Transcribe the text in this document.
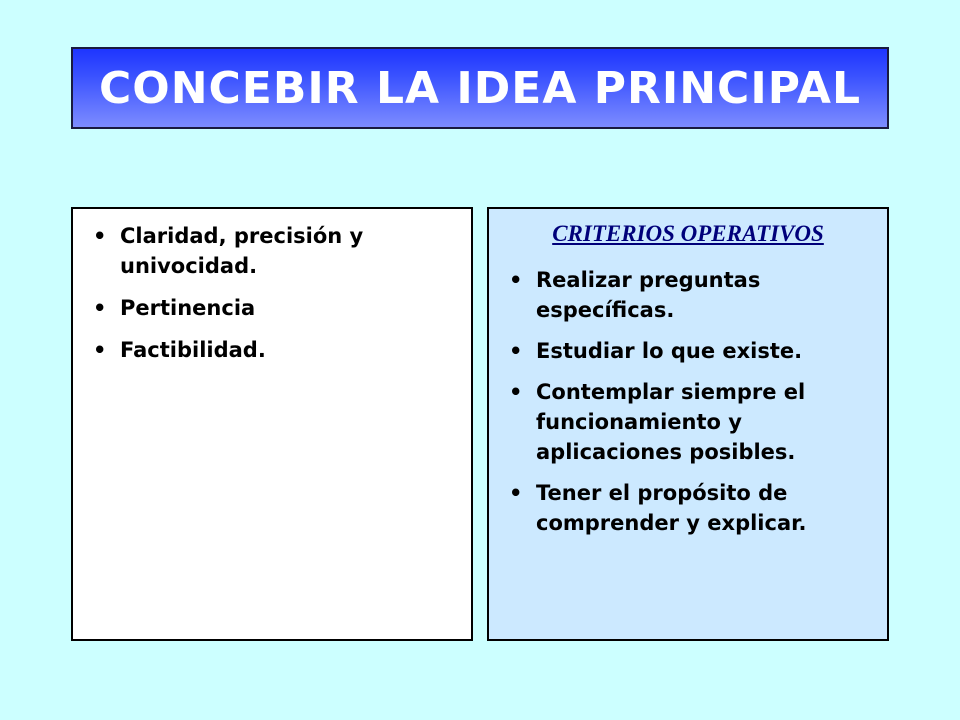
CONCEBIR LA IDEA PRINCIPAL
• Claridad, precisión y univocidad.
• Pertinencia
• Factibilidad.
CRITERIOS OPERATIVOS
• Realizar preguntas específicas.
• Estudiar lo que existe.
• Contemplar siempre el funcionamiento y aplicaciones posibles.
• Tener el propósito de comprender y explicar.
